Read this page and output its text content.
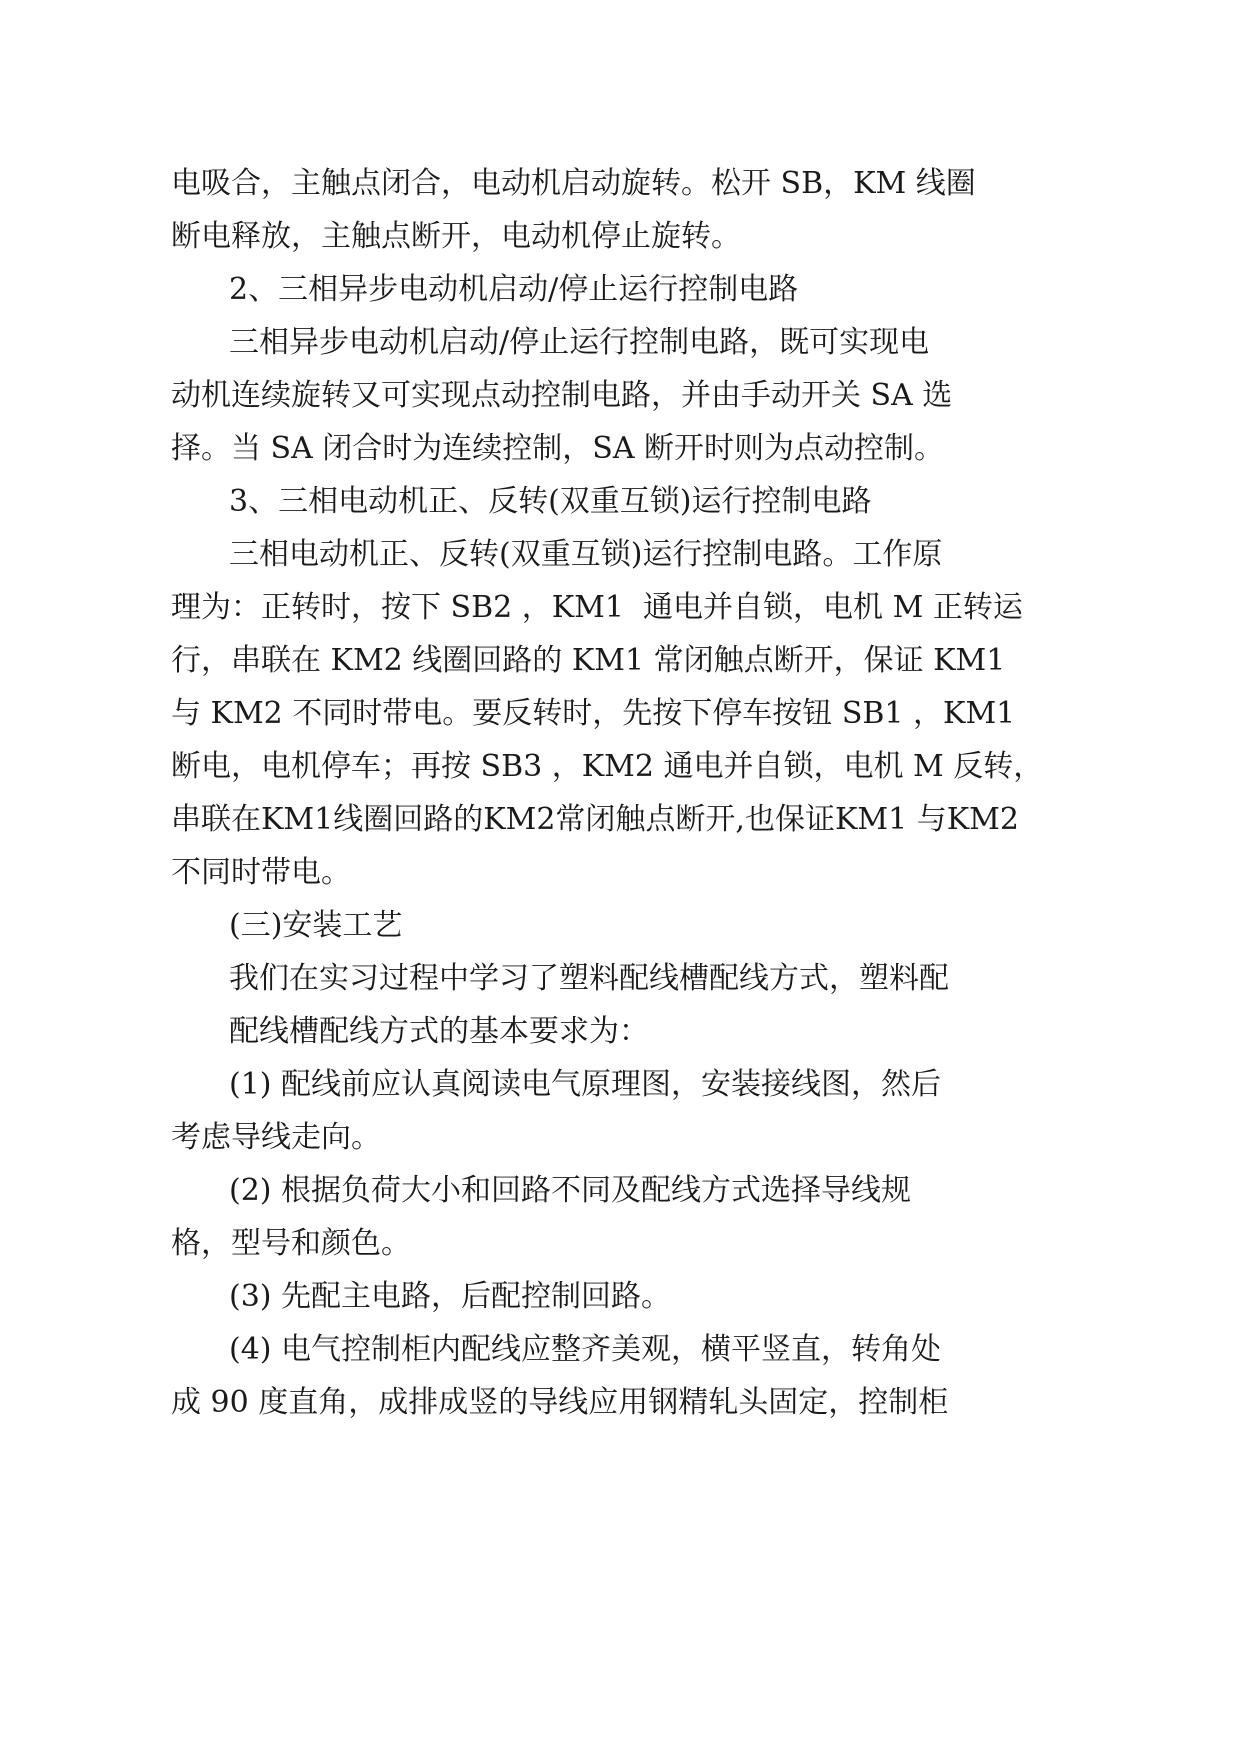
电吸合，主触点闭合，电动机启动旋转。松开 SB，KM 线圈
断电释放，主触点断开，电动机停止旋转。
2、三相异步电动机启动/停止运行控制电路
三相异步电动机启动/停止运行控制电路，既可实现电
动机连续旋转又可实现点动控制电路，并由手动开关 SA 选
择。当 SA 闭合时为连续控制，SA 断开时则为点动控制。
3、三相电动机正、反转(双重互锁)运行控制电路
三相电动机正、反转(双重互锁)运行控制电路。工作原
理为：正转时，按下 SB2 ，KM1  通电并自锁，电机 M 正转运
行，串联在 KM2 线圈回路的 KM1 常闭触点断开，保证 KM1
与 KM2 不同时带电。要反转时，先按下停车按钮 SB1 ，KM1
断电，电机停车；再按 SB3 ，KM2 通电并自锁，电机 M 反转，
串联在KM1线圈回路的KM2常闭触点断开,也保证KM1 与KM2
不同时带电。
(三)安装工艺
我们在实习过程中学习了塑料配线槽配线方式，塑料配
配线槽配线方式的基本要求为：
(1) 配线前应认真阅读电气原理图，安装接线图，然后
考虑导线走向。
(2) 根据负荷大小和回路不同及配线方式选择导线规
格，型号和颜色。
(3) 先配主电路，后配控制回路。
(4) 电气控制柜内配线应整齐美观，横平竖直，转角处
成 90 度直角，成排成竖的导线应用钢精轧头固定，控制柜
